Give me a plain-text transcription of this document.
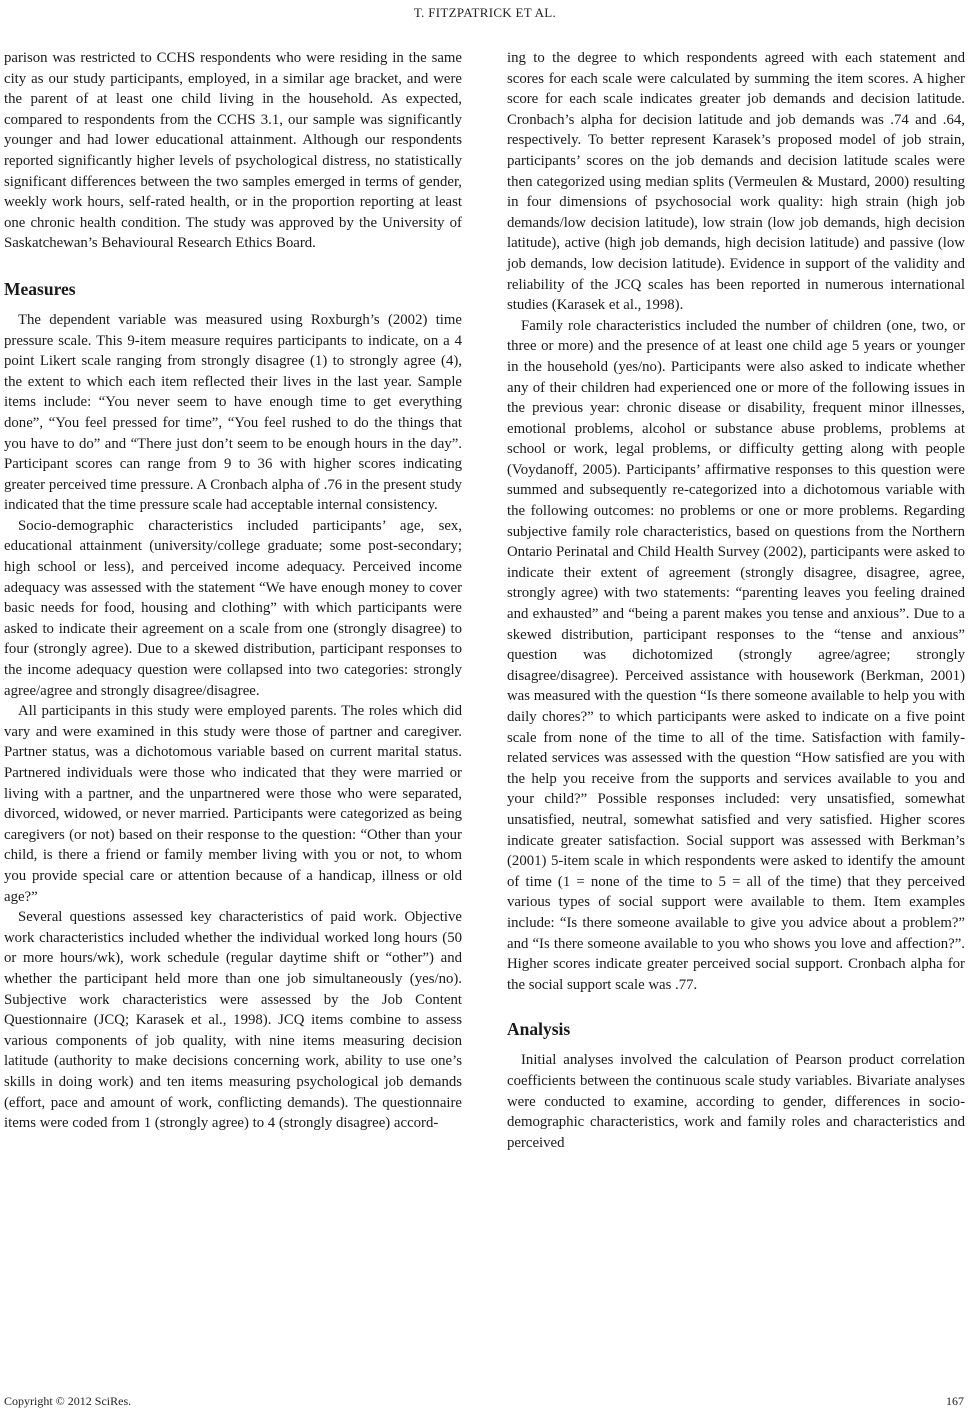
T. FITZPATRICK ET AL.

parison was restricted to CCHS respondents who were residing in the same city as our study participants, employed, in a similar age bracket, and were the parent of at least one child living in the household. As expected, compared to respondents from the CCHS 3.1, our sample was significantly younger and had lower educational attainment. Although our respondents reported significantly higher levels of psychological distress, no statistically significant differences between the two samples emerged in terms of gender, weekly work hours, self-rated health, or in the proportion reporting at least one chronic health condition. The study was approved by the University of Saskatchewan’s Behavioural Research Ethics Board.

Measures

The dependent variable was measured using Roxburgh’s (2002) time pressure scale. This 9-item measure requires participants to indicate, on a 4 point Likert scale ranging from strongly disagree (1) to strongly agree (4), the extent to which each item reflected their lives in the last year. Sample items include: “You never seem to have enough time to get everything done”, “You feel pressed for time”, “You feel rushed to do the things that you have to do” and “There just don’t seem to be enough hours in the day”. Participant scores can range from 9 to 36 with higher scores indicating greater perceived time pressure. A Cronbach alpha of .76 in the present study indicated that the time pressure scale had acceptable internal consistency.

Socio-demographic characteristics included participants’ age, sex, educational attainment (university/college graduate; some post-secondary; high school or less), and perceived income adequacy. Perceived income adequacy was assessed with the statement “We have enough money to cover basic needs for food, housing and clothing” with which participants were asked to indicate their agreement on a scale from one (strongly disagree) to four (strongly agree). Due to a skewed distribution, participant responses to the income adequacy question were collapsed into two categories: strongly agree/agree and strongly disagree/disagree.

All participants in this study were employed parents. The roles which did vary and were examined in this study were those of partner and caregiver. Partner status, was a dichotomous variable based on current marital status. Partnered individuals were those who indicated that they were married or living with a partner, and the unpartnered were those who were separated, divorced, widowed, or never married. Participants were categorized as being caregivers (or not) based on their response to the question: “Other than your child, is there a friend or family member living with you or not, to whom you provide special care or attention because of a handicap, illness or old age?”

Several questions assessed key characteristics of paid work. Objective work characteristics included whether the individual worked long hours (50 or more hours/wk), work schedule (regular daytime shift or “other”) and whether the participant held more than one job simultaneously (yes/no). Subjective work characteristics were assessed by the Job Content Questionnaire (JCQ; Karasek et al., 1998). JCQ items combine to assess various components of job quality, with nine items measuring decision latitude (authority to make decisions concerning work, ability to use one’s skills in doing work) and ten items measuring psychological job demands (effort, pace and amount of work, conflicting demands). The questionnaire items were coded from 1 (strongly agree) to 4 (strongly disagree) accord-

ing to the degree to which respondents agreed with each statement and scores for each scale were calculated by summing the item scores. A higher score for each scale indicates greater job demands and decision latitude. Cronbach’s alpha for decision latitude and job demands was .74 and .64, respectively. To better represent Karasek’s proposed model of job strain, participants’ scores on the job demands and decision latitude scales were then categorized using median splits (Vermeulen & Mustard, 2000) resulting in four dimensions of psychosocial work quality: high strain (high job demands/low decision latitude), low strain (low job demands, high decision latitude), active (high job demands, high decision latitude) and passive (low job demands, low decision latitude). Evidence in support of the validity and reliability of the JCQ scales has been reported in numerous international studies (Karasek et al., 1998).

Family role characteristics included the number of children (one, two, or three or more) and the presence of at least one child age 5 years or younger in the household (yes/no). Participants were also asked to indicate whether any of their children had experienced one or more of the following issues in the previous year: chronic disease or disability, frequent minor illnesses, emotional problems, alcohol or substance abuse problems, problems at school or work, legal problems, or difficulty getting along with people (Voydanoff, 2005). Participants’ affirmative responses to this question were summed and subsequently re-categorized into a dichotomous variable with the following outcomes: no problems or one or more problems. Regarding subjective family role characteristics, based on questions from the Northern Ontario Perinatal and Child Health Survey (2002), participants were asked to indicate their extent of agreement (strongly disagree, disagree, agree, strongly agree) with two statements: “parenting leaves you feeling drained and exhausted” and “being a parent makes you tense and anxious”. Due to a skewed distribution, participant responses to the “tense and anxious” question was dichotomized (strongly agree/agree; strongly disagree/disagree). Perceived assistance with housework (Berkman, 2001) was measured with the question “Is there someone available to help you with daily chores?” to which participants were asked to indicate on a five point scale from none of the time to all of the time. Satisfaction with family-related services was assessed with the question “How satisfied are you with the help you receive from the supports and services available to you and your child?” Possible responses included: very unsatisfied, somewhat unsatisfied, neutral, somewhat satisfied and very satisfied. Higher scores indicate greater satisfaction. Social support was assessed with Berkman’s (2001) 5-item scale in which respondents were asked to identify the amount of time (1 = none of the time to 5 = all of the time) that they perceived various types of social support were available to them. Item examples include: “Is there someone available to give you advice about a problem?” and “Is there someone available to you who shows you love and affection?”. Higher scores indicate greater perceived social support. Cronbach alpha for the social support scale was .77.

Analysis

Initial analyses involved the calculation of Pearson product correlation coefficients between the continuous scale study variables. Bivariate analyses were conducted to examine, according to gender, differences in socio-demographic characteristics, work and family roles and characteristics and perceived

Copyright © 2012 SciRes.	167
